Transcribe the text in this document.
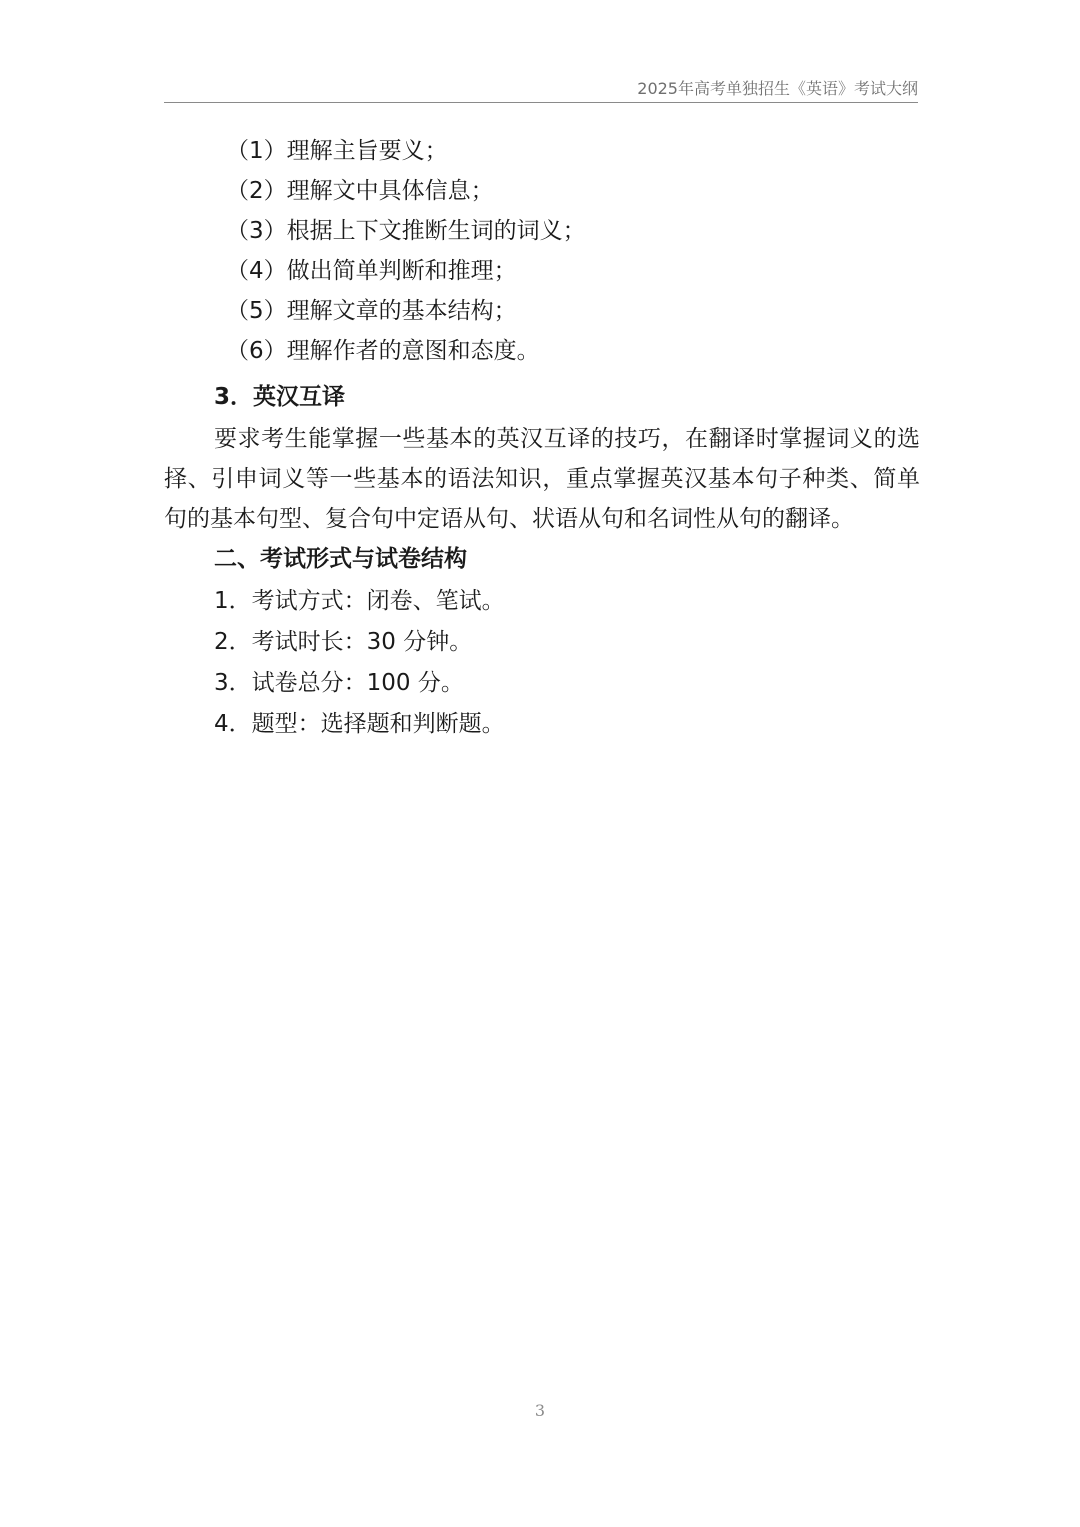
2025年高考单独招生《英语》考试大纲
（1）理解主旨要义；
（2）理解文中具体信息；
（3）根据上下文推断生词的词义；
（4）做出简单判断和推理；
（5）理解文章的基本结构；
（6）理解作者的意图和态度。
3．英汉互译

要求考生能掌握一些基本的英汉互译的技巧，在翻译时掌握词义的选择、引申词义等一些基本的语法知识，重点掌握英汉基本句子种类、简单句的基本句型、复合句中定语从句、状语从句和名词性从句的翻译。

二、考试形式与试卷结构
1．考试方式：闭卷、笔试。
2．考试时长：30 分钟。
3．试卷总分：100 分。
4．题型：选择题和判断题。
3
